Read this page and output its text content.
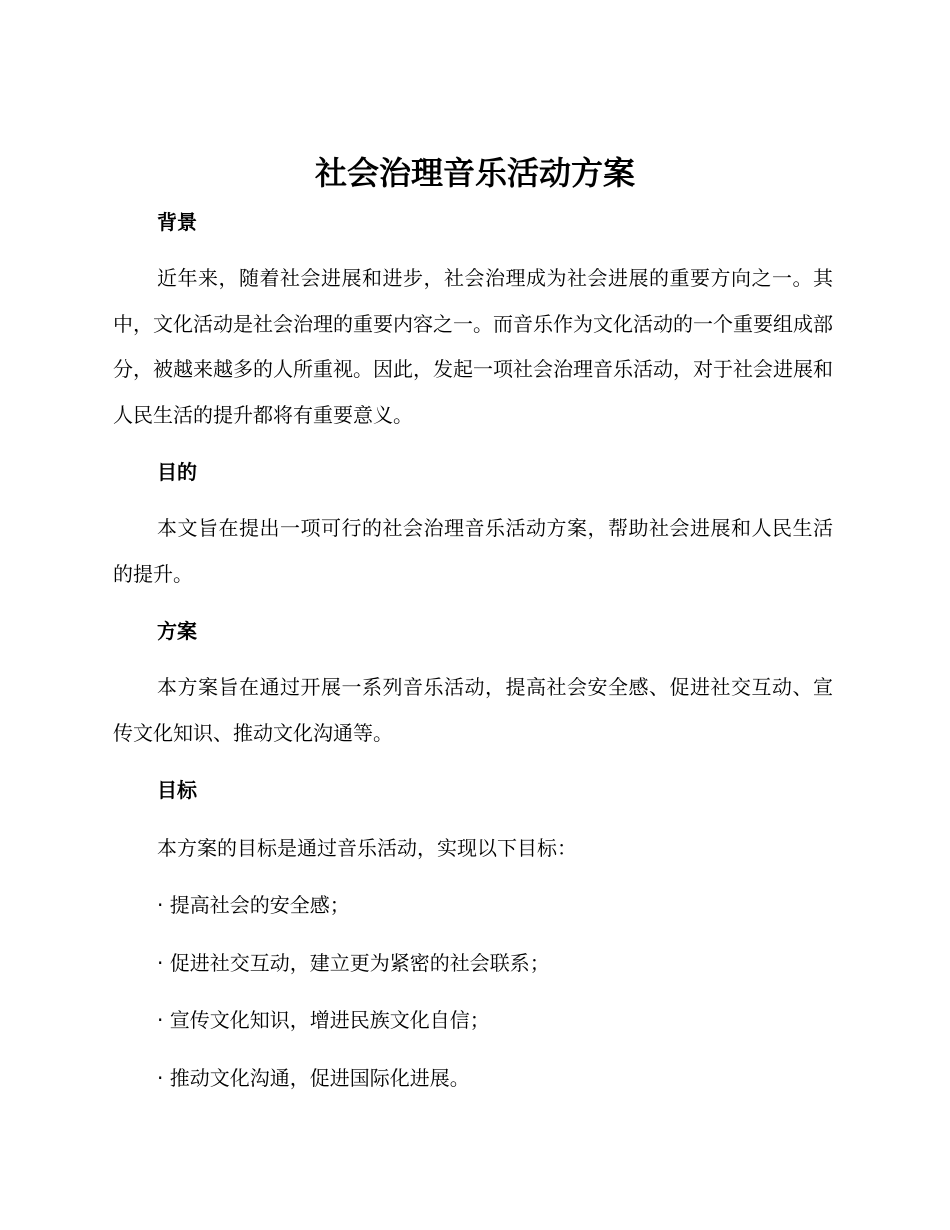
社会治理音乐活动方案
背景

近年来，随着社会进展和进步，社会治理成为社会进展的重要方向之一。其中，文化活动是社会治理的重要内容之一。而音乐作为文化活动的一个重要组成部分，被越来越多的人所重视。因此，发起一项社会治理音乐活动，对于社会进展和人民生活的提升都将有重要意义。

目的

本文旨在提出一项可行的社会治理音乐活动方案，帮助社会进展和人民生活的提升。

方案

本方案旨在通过开展一系列音乐活动，提高社会安全感、促进社交互动、宣传文化知识、推动文化沟通等。

目标

本方案的目标是通过音乐活动，实现以下目标：

· 提高社会的安全感；

· 促进社交互动，建立更为紧密的社会联系；

· 宣传文化知识，增进民族文化自信；

· 推动文化沟通，促进国际化进展。
